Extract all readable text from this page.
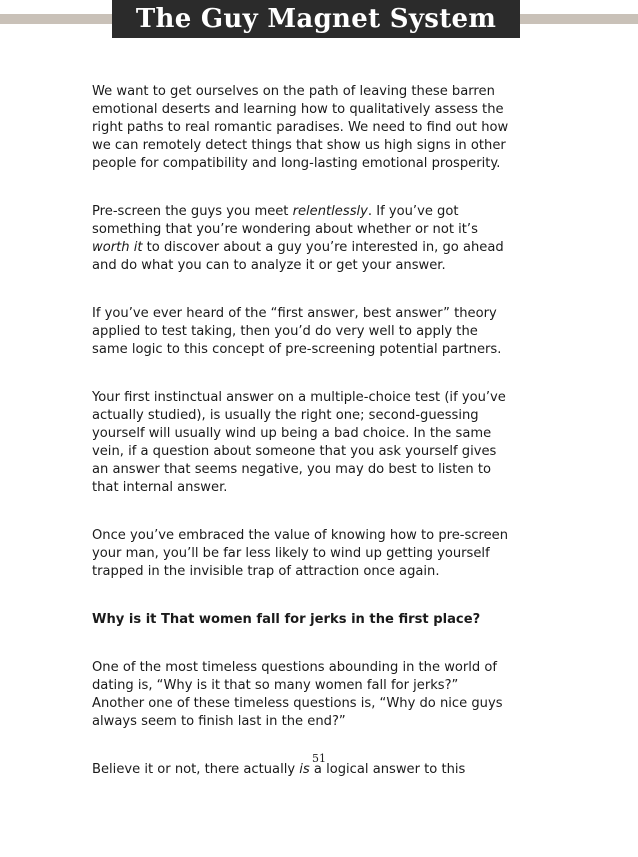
The Guy Magnet System

We want to get ourselves on the path of leaving these barren
emotional deserts and learning how to qualitatively assess the
right paths to real romantic paradises. We need to find out how
we can remotely detect things that show us high signs in other
people for compatibility and long-lasting emotional prosperity.

Pre-screen the guys you meet relentlessly. If you’ve got
something that you’re wondering about whether or not it’s
worth it to discover about a guy you’re interested in, go ahead
and do what you can to analyze it or get your answer.

If you’ve ever heard of the “first answer, best answer” theory
applied to test taking, then you’d do very well to apply the
same logic to this concept of pre-screening potential partners.

Your first instinctual answer on a multiple-choice test (if you’ve
actually studied), is usually the right one; second-guessing
yourself will usually wind up being a bad choice. In the same
vein, if a question about someone that you ask yourself gives
an answer that seems negative, you may do best to listen to
that internal answer.

Once you’ve embraced the value of knowing how to pre-screen
your man, you’ll be far less likely to wind up getting yourself
trapped in the invisible trap of attraction once again.

Why is it That women fall for jerks in the first place?

One of the most timeless questions abounding in the world of
dating is, “Why is it that so many women fall for jerks?”
Another one of these timeless questions is, “Why do nice guys
always seem to finish last in the end?”

Believe it or not, there actually is a logical answer to this

51
